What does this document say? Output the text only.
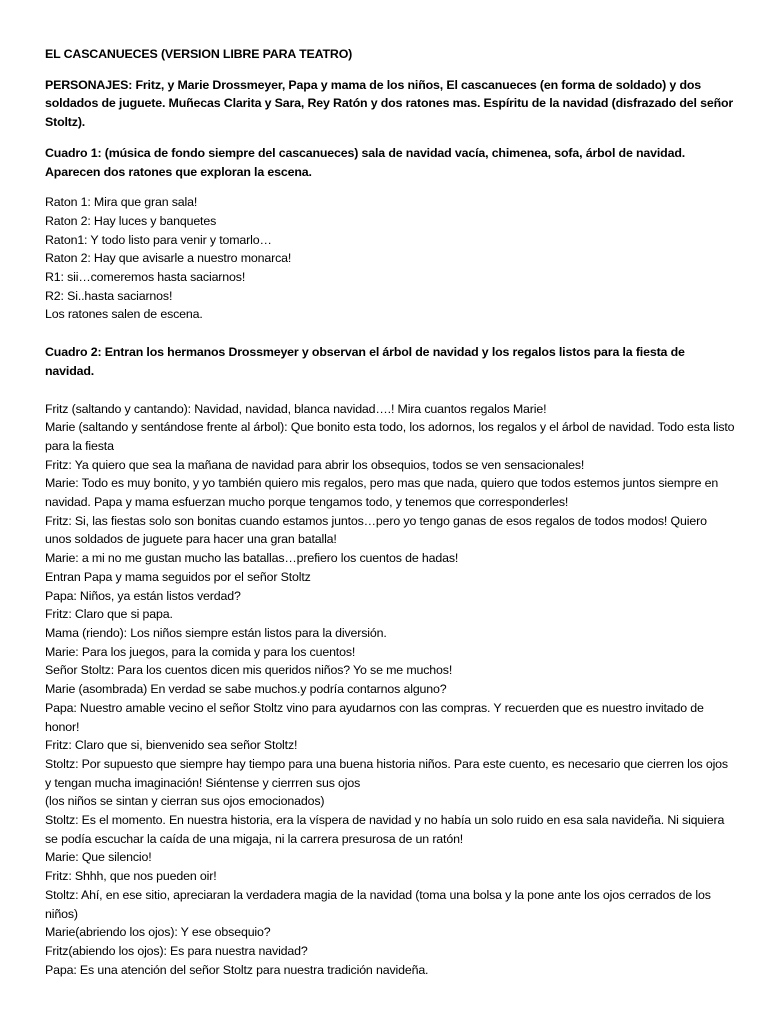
EL CASCANUECES (VERSION LIBRE PARA TEATRO)

PERSONAJES: Fritz, y Marie Drossmeyer, Papa y mama de los niños, El cascanueces (en forma de soldado) y dos soldados de juguete. Muñecas Clarita y Sara, Rey Ratón y dos ratones mas. Espíritu de la navidad (disfrazado del señor Stoltz).

Cuadro 1: (música de fondo siempre del cascanueces) sala de navidad vacía, chimenea, sofa, árbol de navidad. Aparecen dos ratones que exploran la escena.

Raton 1: Mira que gran sala!
Raton 2: Hay luces y banquetes
Raton1: Y todo listo para venir y tomarlo…
Raton 2: Hay que avisarle a nuestro monarca!
R1: sii…comeremos hasta saciarnos!
R2: Si..hasta saciarnos!
Los ratones salen de escena.

Cuadro 2: Entran los hermanos Drossmeyer y observan el árbol de navidad y los regalos listos para la fiesta de navidad.

Fritz (saltando y cantando): Navidad, navidad, blanca navidad….! Mira cuantos regalos Marie!
Marie (saltando y sentándose frente al árbol): Que bonito esta todo, los adornos, los regalos y el árbol de navidad. Todo esta listo para la fiesta
Fritz: Ya quiero que sea la mañana de navidad para abrir los obsequios, todos se ven sensacionales!
Marie: Todo es muy bonito, y yo también quiero mis regalos, pero mas que nada, quiero que todos estemos juntos siempre en navidad. Papa y mama esfuerzan mucho porque tengamos todo, y tenemos que corresponderles!
Fritz: Si, las fiestas solo son bonitas cuando estamos juntos…pero yo tengo ganas de esos regalos de todos modos! Quiero unos soldados de juguete para hacer una gran batalla!
Marie: a mi no me gustan mucho las batallas…prefiero los cuentos de hadas!
Entran Papa y mama seguidos por el señor Stoltz
Papa: Niños, ya están listos verdad?
Fritz: Claro que si papa.
Mama (riendo): Los niños siempre están listos para la diversión.
Marie: Para los juegos, para la comida y para los cuentos!
Señor Stoltz: Para los cuentos dicen mis queridos niños? Yo se me muchos!
Marie (asombrada) En verdad se sabe muchos.y podría contarnos alguno?
Papa: Nuestro amable vecino el señor Stoltz vino para ayudarnos con las compras. Y recuerden que es nuestro invitado de honor!
Fritz: Claro que si, bienvenido sea señor Stoltz!
Stoltz: Por supuesto que siempre hay tiempo para una buena historia niños. Para este cuento, es necesario que cierren los ojos y tengan mucha imaginación! Siéntense y cierrren sus ojos
(los niños se sintan y cierran sus ojos emocionados)
Stoltz: Es el momento. En nuestra historia, era la víspera de navidad y no había un solo ruido en esa sala navideña. Ni siquiera se podía escuchar la caída de una migaja, ni la carrera presurosa de un ratón!
Marie: Que silencio!
Fritz: Shhh, que nos pueden oir!
Stoltz: Ahí, en ese sitio, apreciaran la verdadera magia de la navidad (toma una bolsa y la pone ante los ojos cerrados de los niños)
Marie(abriendo los ojos): Y ese obsequio?
Fritz(abiendo los ojos): Es para nuestra navidad?
Papa: Es una atención del señor Stoltz para nuestra tradición navideña.
